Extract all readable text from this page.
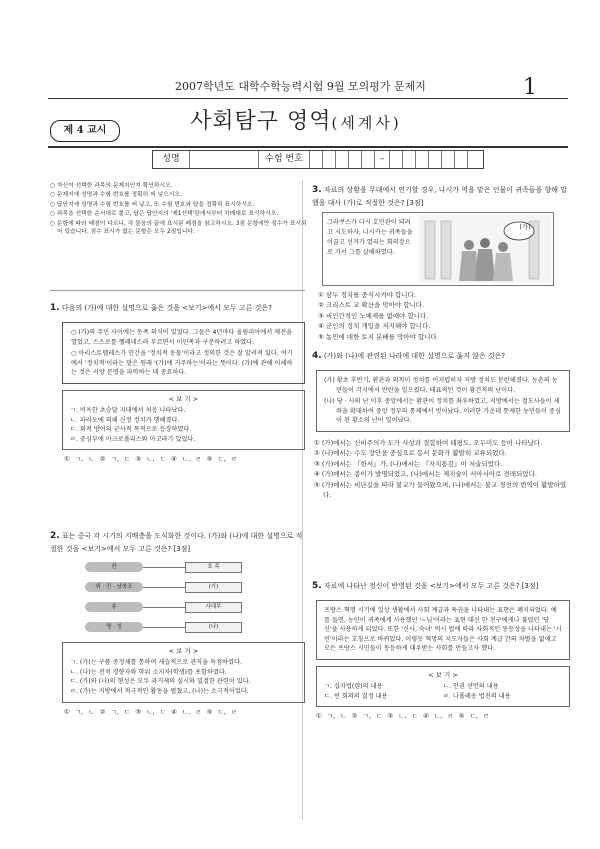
2007학년도 대학수학능력시험 9월 모의평가 문제지	1
제 4 교시	사회탐구 영역(세계사)
성명	수험 번호	–
○ 자신이 선택한 과목의 문제지인지 확인하시오.
○ 문제지에 성명과 수험 번호를 정확히 써 넣으시오.
○ 답안지에 성명과 수험 번호를 써 넣고, 또 수험 번호와 답을 정확히 표시하시오.
○ 과목을 선택한 순서대로 풀고, 답은 답안지의 '제1선택'란에서부터 차례대로 표시하시오.
○ 문항에 따라 배점이 다르니, 각 물음의 끝에 표시된 배점을 참고하시오. 3점 문항에만 점수가 표시되어 있습니다. 점수 표시가 없는 문항은 모두 2점입니다.
1. 다음의 (가)에 대한 설명으로 옳은 것을 <보기>에서 모두 고른 것은?
○ (가)의 주민 사이에는 동족 의식이 있었다. 그들은 4년마다 올림피아에서 제전을 열었고, 스스로를 헬레네스라 부르면서 이민족과 구분하려고 하였다.
○ 아리스토텔레스가 인간을 '정치적 동물'이라고 정의한 것은 잘 알려져 있다. 여기에서 '정치적'이라는 말은 원래 '(가)에 거주하는'이라는 뜻이다. (가)에 관해 이해하는 것은 서양 문명을 파악하는 데 중요하다.
< 보 기 >
ㄱ. 비옥한 초승달 지대에서 처음 나타났다.
ㄴ. 파라오에 의해 신정 정치가 행해졌다.
ㄷ. 외적 방어의 군사적 목적으로 등장하였다.
ㄹ. 중심부에 아크로폴리스와 아고라가 있었다.
① ㄱ, ㄴ ② ㄱ, ㄷ ③ ㄴ, ㄷ ④ ㄴ, ㄹ ⑤ ㄷ, ㄹ
2. 표는 중국 각 시기의 지배층을 도식화한 것이다. (가)와 (나)에 대한 설명으로 적절한 것을 <보기>에서 모두 고른 것은? [3점]
한	호 족
위 · 진 · 남북조	(가)
송	사대부
명 · 청	(나)
< 보 기 >
ㄱ. (가)는 구품 중정제를 통하여 세습적으로 관직을 독점하였다.
ㄴ. (나)는 전적 경향자와 학위 소지자(학생)를 포함하였다.
ㄷ. (가)와 (나)의 형성은 모두 과거제의 실시와 밀접한 관련이 있다.
ㄹ. (가)는 지방에서 적극적인 활동을 펼쳤고, (나)는 소극적이었다.
① ㄱ, ㄴ ② ㄱ, ㄷ ③ ㄴ, ㄷ ④ ㄴ, ㄹ ⑤ ㄷ, ㄹ
3. 자료의 상황을 무대에서 연기할 경우, 나시가 역을 맡은 인물이 귀족들을 향해 말했을 대사 (가)로 적절한 것은? [3점]
그라쿠스가 다시 호민관이 되려고 시도하자, 나시카는 귀족들을 이끌고 선거가 열리는 회의장으로 가서 그를 살해하였다.
(가)
① 삼두 정치를 중식시켜야 합니다.
② 크리스트 교 확산을 막아야 합니다.
③ 비인간적인 노예제를 없애야 합니다.
④ 군인의 정치 개입을 저지해야 합니다.
⑤ 농민에 대한 토지 분배를 막아야 합니다.
4. (가)와 (나)에 관련된 나라에 대한 설명으로 옳지 않은 것은?
(가) 황초 후반기, 환관과 외척이 정치를 어지럽히자 지방 정치도 문란해졌다. 농촌의 농민들이 각지에서 반란을 일으켰다. 태표적인 것이 황건적의 난이다.
(나) 당 · 사의 난 이후 중앙에서는 환관이 정치를 좌우하였고, 지방에서는 절도사들이 세력을 확대하여 중앙 정부의 통제에서 벗어났다. 이러한 가운데 통제한 농민들이 중심이 된 황소의 난이 일어났다.
① (가)에서는 신비주의가 도가 사상과 결합하여 태평도, 오두미도 등이 나타났다.
② (나)에서는 수도 장안을 중심으로 동서 문화가 활발히 교류되었다.
③ (가)에서는 『한서』가, (나)에서는 『자치통감』이 저술되었다.
④ (가)에서는 종이가 발명되었고, (나)에서는 제지술이 서아시아로 전래되었다.
⑤ (가)에서는 비단길을 따라 불교가 들어왔으며, (나)에서는 불교 경전의 번역이 활발하였다.
5. 자료에 나타난 정신이 반영된 것을 <보기>에서 모두 고른 것은? [3점]
프랑스 혁명 시기에 일상 생활에서 사회 계급과 특권을 나타내는 표현은 폐지되었다. 예를 들면, 농민이 귀족에게 사용했던 '~님'이라는 표현 대신 한 친구에게나 불렀던 '당신'을 사용하게 되었다. 또한 '신사, 숙녀' 역시 법에 따라 사회적인 동등성을 나타내는 '시민'이라는 호칭으로 바뀌었다. 이렇듯 혁명의 지도자들은 사회 계급 간의 차별을 없애고 모든 프랑스 시민들이 동등하게 대우받는 사회를 만들고자 했다.
< 보 기 >
ㄱ. 십자법(령)의 내용	ㄴ. 인권 선언의 내용
ㄷ. 빈 회의의 결정 내용	ㄹ. 나폴레옹 법전의 내용
① ㄱ, ㄴ ② ㄱ, ㄷ ③ ㄴ, ㄷ ④ ㄴ, ㄹ ⑤ ㄷ, ㄹ
